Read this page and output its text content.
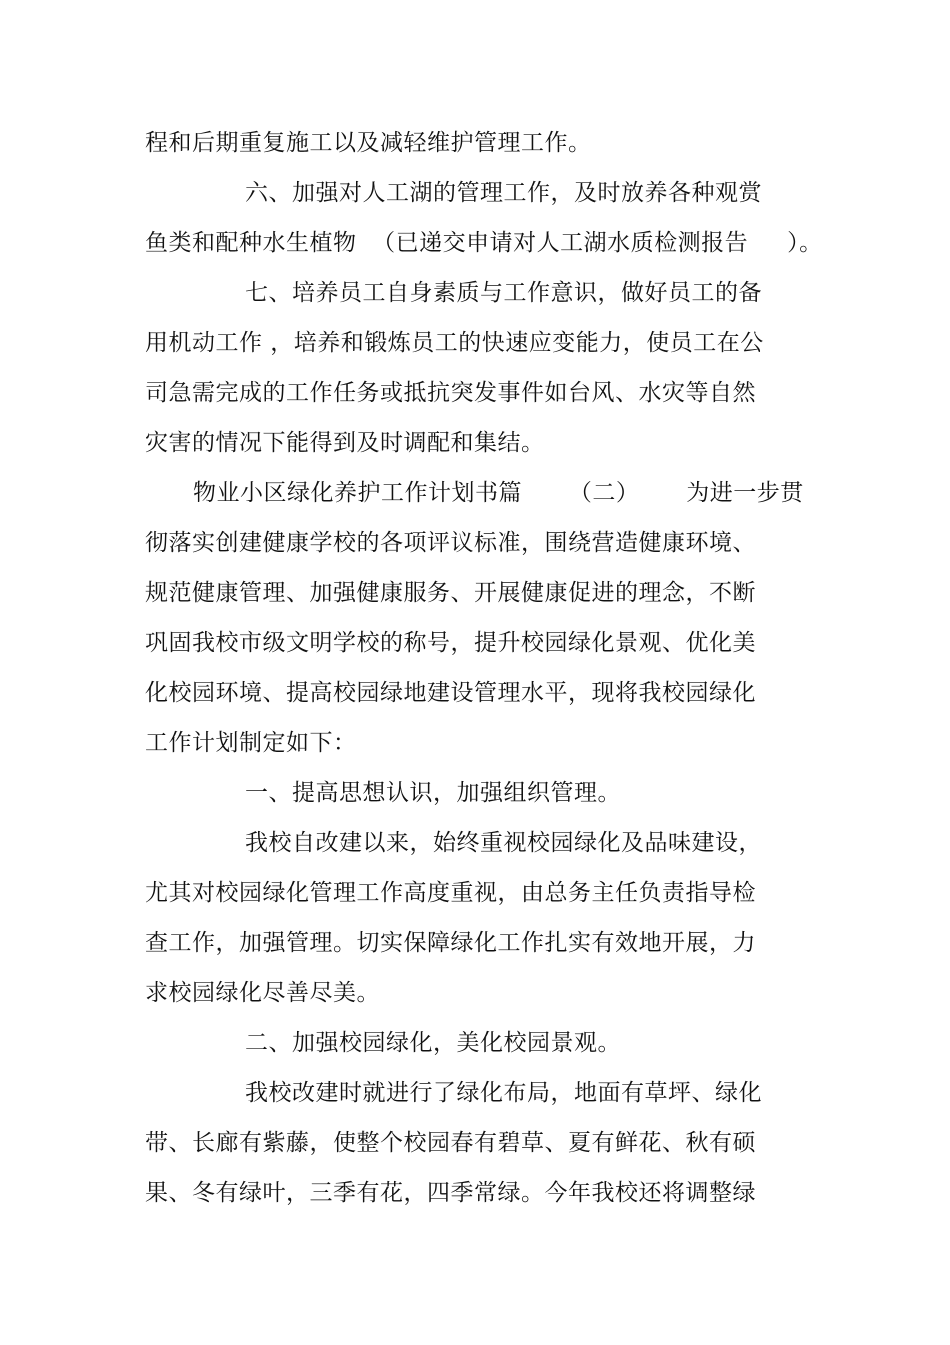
程和后期重复施工以及减轻维护管理工作。
六、加强对人工湖的管理工作，及时放养各种观赏
鱼类和配种水生植物  （已递交申请对人工湖水质检测报告     ）。
七、培养员工自身素质与工作意识，做好员工的备
用机动工作 ，培养和锻炼员工的快速应变能力，使员工在公
司急需完成的工作任务或抵抗突发事件如台风、水灾等自然
灾害的情况下能得到及时调配和集结。
物业小区绿化养护工作计划书篇      （二）      为进一步贯
彻落实创建健康学校的各项评议标准，围绕营造健康环境、
规范健康管理、加强健康服务、开展健康促进的理念，不断
巩固我校市级文明学校的称号，提升校园绿化景观、优化美
化校园环境、提高校园绿地建设管理水平，现将我校园绿化
工作计划制定如下：
一、提高思想认识，加强组织管理。
我校自改建以来，始终重视校园绿化及品味建设，
尤其对校园绿化管理工作高度重视，由总务主任负责指导检
查工作，加强管理。切实保障绿化工作扎实有效地开展，力
求校园绿化尽善尽美。
二、加强校园绿化，美化校园景观。
我校改建时就进行了绿化布局，地面有草坪、绿化
带、长廊有紫藤，使整个校园春有碧草、夏有鲜花、秋有硕
果、冬有绿叶，三季有花，四季常绿。今年我校还将调整绿
